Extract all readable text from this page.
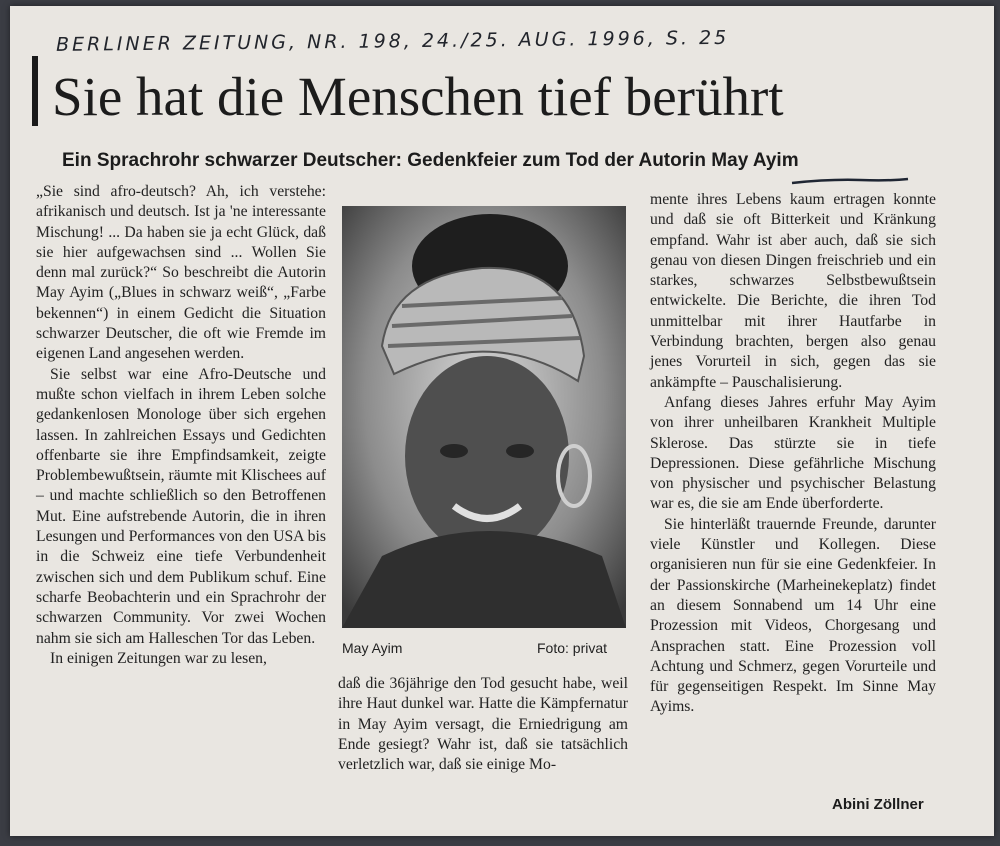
BERLINER ZEITUNG, NR. 198, 24./25. AUG. 1996, S. 25
Sie hat die Menschen tief berührt
Ein Sprachrohr schwarzer Deutscher: Gedenkfeier zum Tod der Autorin May Ayim

„Sie sind afro-deutsch? Ah, ich verstehe: afrikanisch und deutsch. Ist ja 'ne interessante Mischung! ... Da haben sie ja echt Glück, daß sie hier aufgewachsen sind ... Wollen Sie denn mal zurück?“ So beschreibt die Autorin May Ayim („Blues in schwarz weiß“, „Farbe bekennen“) in einem Gedicht die Situation schwarzer Deutscher, die oft wie Fremde im eigenen Land angesehen werden.

Sie selbst war eine Afro-Deutsche und mußte schon vielfach in ihrem Leben solche gedankenlosen Monologe über sich ergehen lassen. In zahlreichen Essays und Gedichten offenbarte sie ihre Empfindsamkeit, zeigte Problembewußtsein, räumte mit Klischees auf – und machte schließlich so den Betroffenen Mut. Eine aufstrebende Autorin, die in ihren Lesungen und Performances von den USA bis in die Schweiz eine tiefe Verbundenheit zwischen sich und dem Publikum schuf. Eine scharfe Beobachterin und ein Sprachrohr der schwarzen Community. Vor zwei Wochen nahm sie sich am Halleschen Tor das Leben.

In einigen Zeitungen war zu lesen,

May Ayim	Foto: privat

daß die 36jährige den Tod gesucht habe, weil ihre Haut dunkel war. Hatte die Kämpfernatur in May Ayim versagt, die Erniedrigung am Ende gesiegt? Wahr ist, daß sie tatsächlich verletzlich war, daß sie einige Mo-

mente ihres Lebens kaum ertragen konnte und daß sie oft Bitterkeit und Kränkung empfand. Wahr ist aber auch, daß sie sich genau von diesen Dingen freischrieb und ein starkes, schwarzes Selbstbewußtsein entwickelte. Die Berichte, die ihren Tod unmittelbar mit ihrer Hautfarbe in Verbindung brachten, bergen also genau jenes Vorurteil in sich, gegen das sie ankämpfte – Pauschalisierung.

Anfang dieses Jahres erfuhr May Ayim von ihrer unheilbaren Krankheit Multiple Sklerose. Das stürzte sie in tiefe Depressionen. Diese gefährliche Mischung von physischer und psychischer Belastung war es, die sie am Ende überforderte.

Sie hinterläßt trauernde Freunde, darunter viele Künstler und Kollegen. Diese organisieren nun für sie eine Gedenkfeier. In der Passionskirche (Marheinekeplatz) findet an diesem Sonnabend um 14 Uhr eine Prozession mit Videos, Chorgesang und Ansprachen statt. Eine Prozession voll Achtung und Schmerz, gegen Vorurteile und für gegenseitigen Respekt. Im Sinne May Ayims.

Abini Zöllner
